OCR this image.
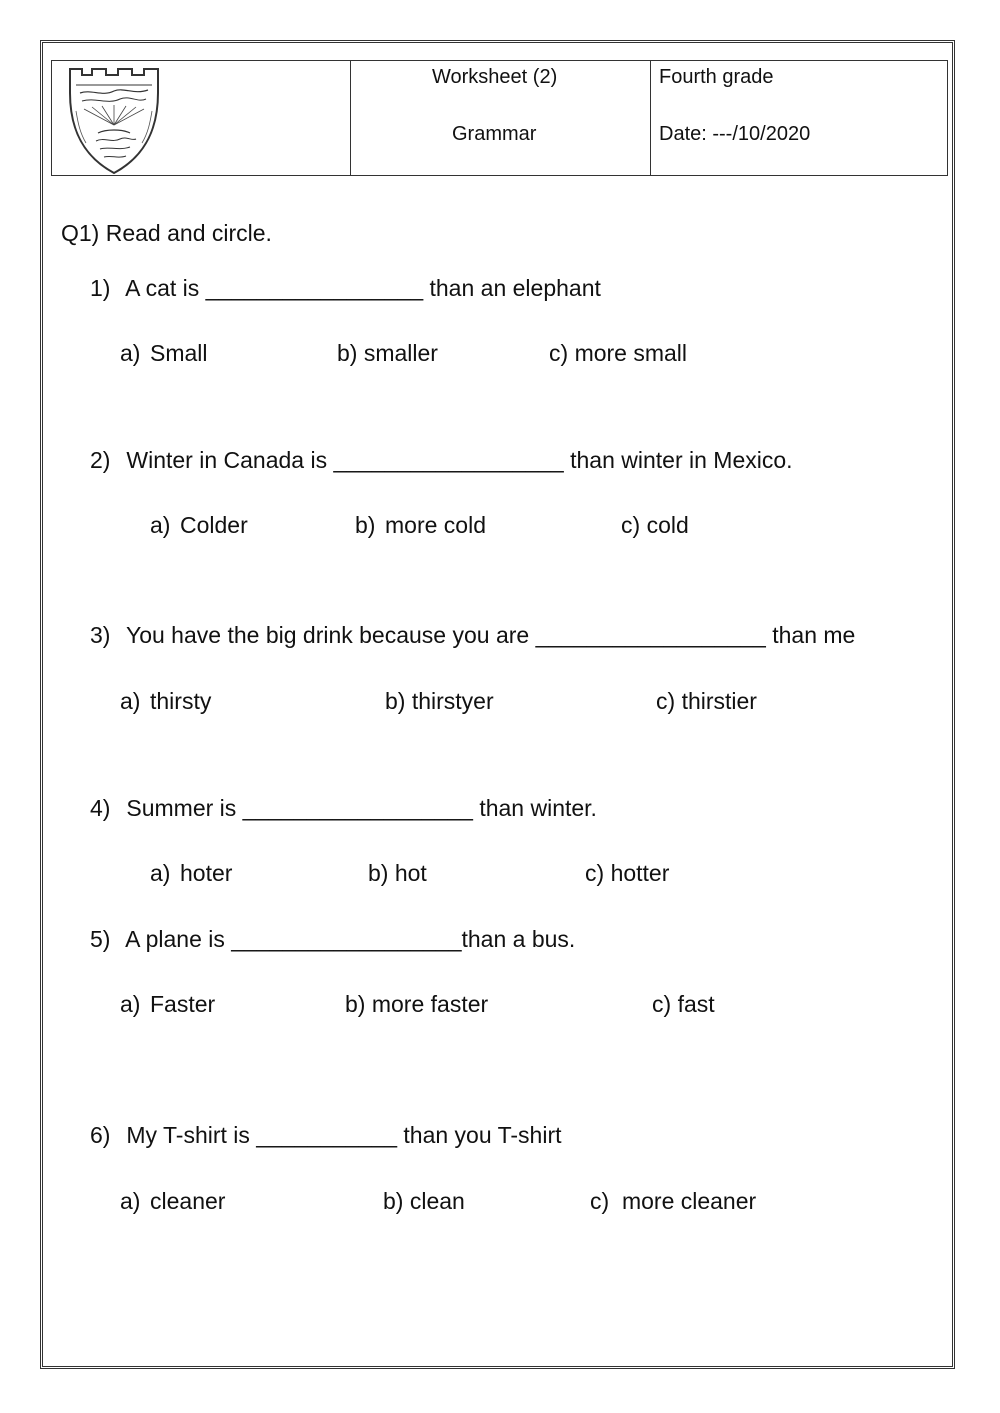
Worksheet (2)
Grammar
Fourth grade
Date: ---/10/2020
Q1) Read and circle.
1) A cat is _________________ than an elephant
a) Small	b) smaller	c) more small
2) Winter in Canada is __________________ than winter in Mexico.
a) Colder	b) more cold	c) cold
3) You have the big drink because you are __________________ than me
a) thirsty	b) thirstyer	c) thirstier
4) Summer is __________________ than winter.
a) hoter	b) hot	c) hotter
5) A plane is __________________than a bus.
a) Faster	b) more faster	c) fast
6) My T-shirt is ___________ than you T-shirt
a) cleaner	b) clean	c)  more cleaner
